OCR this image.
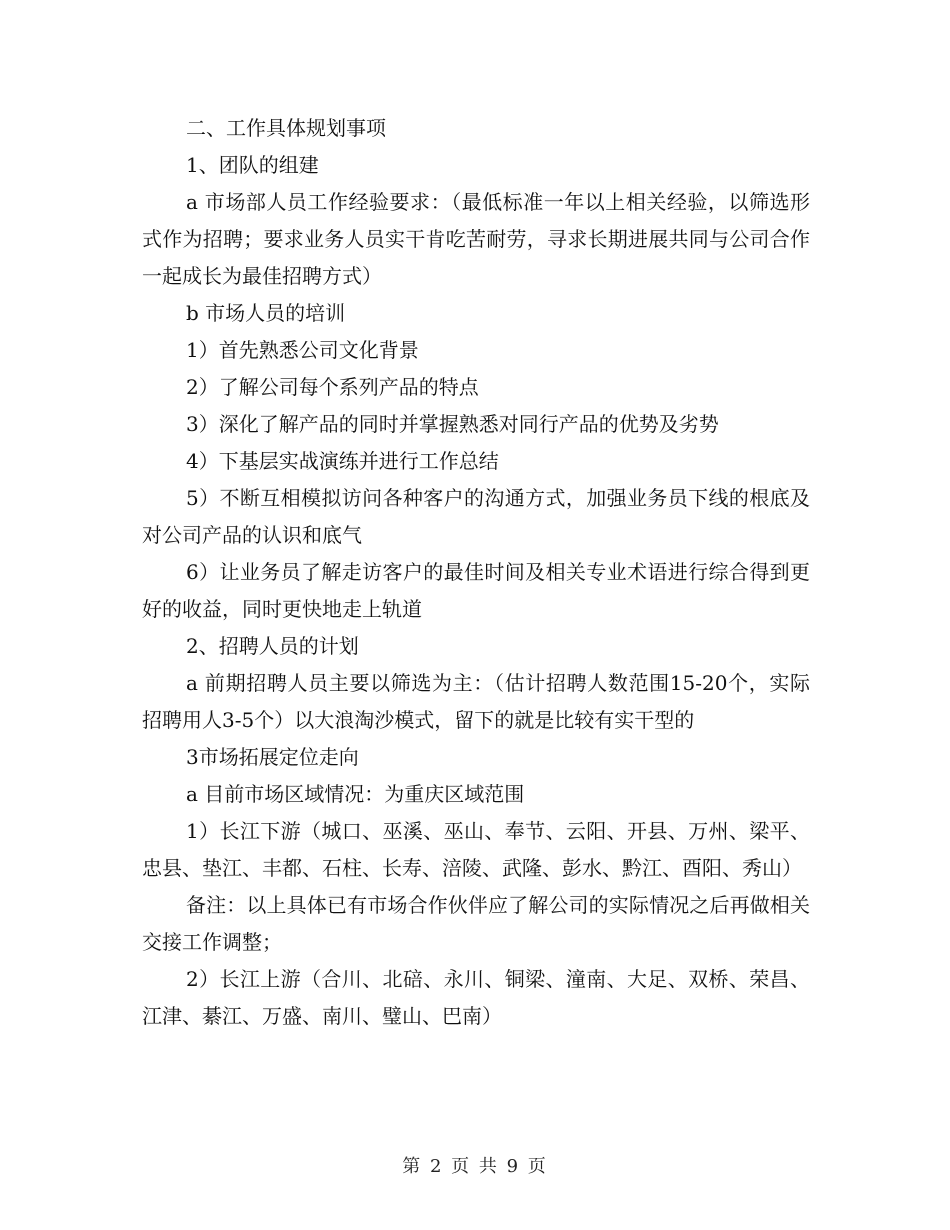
二、工作具体规划事项

1、团队的组建

a 市场部人员工作经验要求：（最低标准一年以上相关经验，以筛选形式作为招聘；要求业务人员实干肯吃苦耐劳，寻求长期进展共同与公司合作一起成长为最佳招聘方式）

b 市场人员的培训

1）首先熟悉公司文化背景

2）了解公司每个系列产品的特点

3）深化了解产品的同时并掌握熟悉对同行产品的优势及劣势

4）下基层实战演练并进行工作总结

5）不断互相模拟访问各种客户的沟通方式，加强业务员下线的根底及对公司产品的认识和底气

6）让业务员了解走访客户的最佳时间及相关专业术语进行综合得到更好的收益，同时更快地走上轨道

2、招聘人员的计划

a 前期招聘人员主要以筛选为主：（估计招聘人数范围15-20个，实际招聘用人3-5个）以大浪淘沙模式，留下的就是比较有实干型的

3市场拓展定位走向

a 目前市场区域情况：为重庆区域范围

1）长江下游（城口、巫溪、巫山、奉节、云阳、开县、万州、梁平、忠县、垫江、丰都、石柱、长寿、涪陵、武隆、彭水、黔江、酉阳、秀山）

备注：以上具体已有市场合作伙伴应了解公司的实际情况之后再做相关交接工作调整；

2）长江上游（合川、北碚、永川、铜梁、潼南、大足、双桥、荣昌、江津、綦江、万盛、南川、璧山、巴南）

第 2 页 共 9 页
